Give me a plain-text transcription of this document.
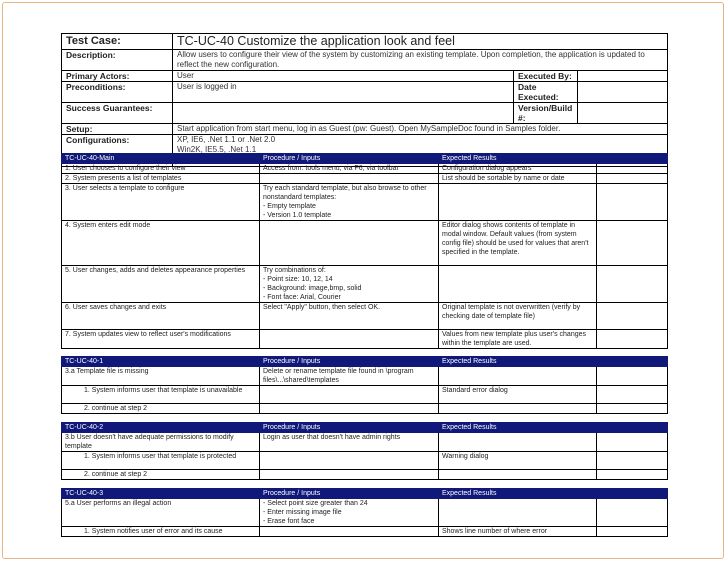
Test Case:	TC-UC-40 Customize the application look and feel		
Description:	Allow users to configure their view of the system by customizing an existing template. Upon completion, the application is updated to reflect the new configuration.		
Primary Actors:	User	Executed By:	
Preconditions:	User is logged in	Date Executed:	
Success Guarantees:		Version/Build #:	
Setup:	Start application from start menu, log in as Guest (pw: Guest). Open MySampleDoc found in Samples folder.		
Configurations:	XP, IE6, .Net 1.1 or .Net 2.0
Win2K, IE5.5, .Net 1.1		
TC-UC-40-Main	Procedure / Inputs	Expected Results	
1. User chooses to configure their view	Access from: tools menu, via F6, via toolbar	Configuration dialog appears	
2. System presents a list of templates		List should be sortable by name or date	
3. User selects a template to configure	Try each standard template, but also browse to other nonstandard templates:
- Empty template
- Version 1.0 template		
4. System enters edit mode		Editor dialog shows contents of template in modal window. Default values (from system config file) should be used for values that aren't specified in the template.	
5. User changes, adds and deletes appearance properties	Try combinations of:
- Point size: 10, 12, 14
- Background: image,bmp, solid
- Font face: Arial, Courier		
6. User saves changes and exits	Select "Apply" button, then select OK.	Original template is not overwritten (verify by checking date of template file)	
7. System updates view to reflect user's modifications		Values from new template plus user's changes within the template are used.	
TC-UC-40-1	Procedure / Inputs	Expected Results	
3.a Template file is missing	Delete or rename template file found in \program files\...\shared\templates		
1. System informs user that template is unavailable		Standard error dialog	
2. continue at step 2			
TC-UC-40-2	Procedure / Inputs	Expected Results	
3.b User doesn't have adequate permissions to modify template	Login as user that doesn't have admin rights		
1. System informs user that template is protected		Warning dialog	
2. continue at step 2			
TC-UC-40-3	Procedure / Inputs	Expected Results	
5.a User performs an illegal action	- Select point size greater than 24
- Enter missing image file
- Erase font face		
1. System notifies user of error and its cause		Shows line number of where error	
